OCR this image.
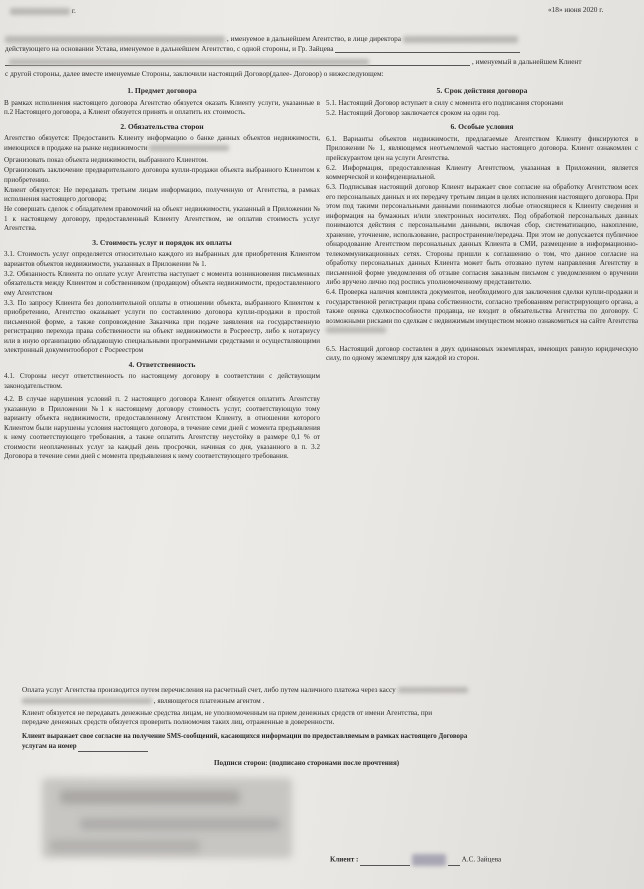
г.	«18» июня 2020 г.
, именуемое в дальнейшем Агентство, в лице директора
действующего на основании Устава, именуемое в дальнейшем Агентство, с одной стороны, и Гр. Зайцева
, именуемый в дальнейшем Клиент
с другой стороны, далее вместе именуемые Стороны, заключили настоящий Договор(далее- Договор) о нижеследующем:

1. Предмет договора

В рамках исполнения настоящего договора Агентство обязуется оказать Клиенту услуги, указанные в п.2 Настоящего договора, а Клиент обязуется принять и оплатить их стоимость.

2. Обязательства сторон

Агентство обязуется: Предоставить Клиенту информацию о банке данных объектов недвижимости, имеющихся в продаже на рынке недвижимости

Организовать показ объекта недвижимости, выбранного Клиентом.

Организовать заключение предварительного договора купли-продажи объекта выбранного Клиентом к приобретению.

Клиент обязуется: Не передавать третьим лицам информацию, полученную от Агентства, в рамках исполнения настоящего договора;

Не совершать сделок с обладателем правомочий на объект недвижимости, указанный в Приложении № 1 к настоящему договору, предоставленный Клиенту Агентством, не оплатив стоимость услуг Агентства.

3. Стоимость услуг и порядок их оплаты

3.1. Стоимость услуг определяется относительно каждого из выбранных для приобретения Клиентом вариантов объектов недвижимости, указанных в Приложении № 1.

3.2. Обязанность Клиента по оплате услуг Агентства наступает с момента возникновения письменных обязательств между Клиентом и собственником (продавцом) объекта недвижимости, предоставленного ему Агентством

3.3. По запросу Клиента без дополнительной оплаты в отношении объекта, выбранного Клиентом к приобретению, Агентство оказывает услуги по составлению договора купли-продажи в простой письменной форме, а также сопровождение Заказчика при подаче заявления на государственную регистрацию перехода права собственности на объект недвижимости в Росреестр, либо к нотариусу или в иную организацию обладающую специальными программными средствами и осуществляющими электронный документооборот с Росреестром

4. Ответственность

4.1. Стороны несут ответственность по настоящему договору в соответствии с действующим законодательством.

4.2. В случае нарушения условий п. 2 настоящего договора Клиент обязуется оплатить Агентству указанную в Приложении №1 к настоящему договору стоимость услуг, соответствующую тому варианту объекта недвижимости, предоставленному Агентством Клиенту, в отношении которого Клиентом были нарушены условия настоящего договора, в течение семи дней с момента предъявления к нему соответствующего требования, а также оплатить Агентству неустойку в размере 0,1 % от стоимости неоплаченных услуг за каждый день просрочки, начиная со дня, указанного в п. 3.2 Договора в течение семи дней с момента предъявления к нему соответствующего требования.

5. Срок действия договора

5.1. Настоящий Договор вступает в силу с момента его подписания сторонами

5.2. Настоящий Договор заключается сроком на один год.

6. Особые условия

6.1. Варианты объектов недвижимости, предлагаемые Агентством Клиенту фиксируются в Приложении № 1, являющемся неотъемлемой частью настоящего договора. Клиент ознакомлен с прейскурантом цен на услуги Агентства.

6.2. Информация, предоставленная Клиенту Агентством, указанная в Приложении, является коммерческой и конфиденциальной.

6.3. Подписывая настоящий договор Клиент выражает свое согласие на обработку Агентством всех его персональных данных и их передачу третьим лицам в целях исполнения настоящего договора. При этом под такими персональными данными понимаются любые относящиеся к Клиенту сведения и информация на бумажных и/или электронных носителях. Под обработкой персональных данных понимаются действия с персональными данными, включая сбор, систематизацию, накопление, хранение, уточнение, использование, распространение/передача. При этом не допускается публичное обнародование Агентством персональных данных Клиента в СМИ, размещение в информационно-телекоммуникационных сетях. Стороны пришли к соглашению о том, что данное согласие на обработку персональных данных Клиента может быть отозвано путем направления Агентству в письменной форме уведомления об отзыве согласия заказным письмом с уведомлением о вручении либо вручено лично под роспись уполномоченному представителю.

6.4. Проверка наличия комплекта документов, необходимого для заключения сделки купли-продажи и государственной регистрации права собственности, согласно требованиям регистрирующего органа, а также оценка сделкоспособности продавца, не входит в обязательства Агентства по договору. С возможными рисками по сделкам с недвижимым имуществом можно ознакомиться на сайте Агентства

6.5. Настоящий договор составлен в двух одинаковых экземплярах, имеющих равную юридическую силу, по одному экземпляру для каждой из сторон.

Оплата услуг Агентства производится путем перечисления на расчетный счет, либо путем наличного платежа через кассу
, являющегося платежным агентом .
Клиент обязуется не передавать денежные средства лицам, не уполномоченным на прием денежных средств от имени Агентства, при
передаче денежных средств обязуется проверить полномочия таких лиц, отраженные в доверенности.
Клиент выражает свое согласие на получение SMS-сообщений, касающихся информации по предоставляемым в рамках настоящего Договора
услугам на номер
Подписи сторон: (подписано сторонами после прочтения)
Клиент :	А.С. Зайцева
